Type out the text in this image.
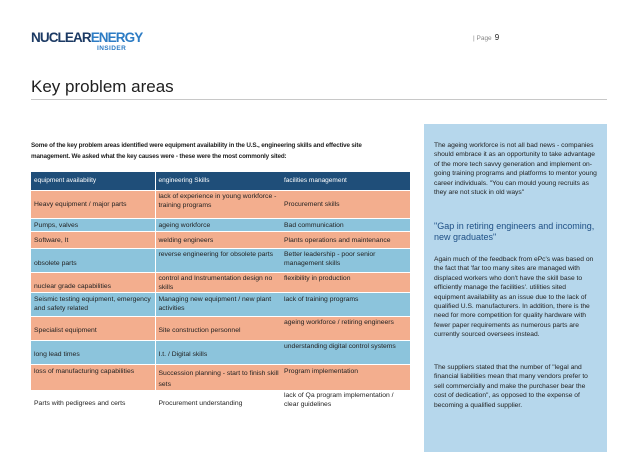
NUCLEARENERGY
INSIDER
| Page 9
Key problem areas
Some of the key problem areas identified were equipment availability in the U.S., engineering skills and effective site management. We asked what the key causes were - these were the most commonly sited:
equipment availability	engineering Skills	facilities management
Heavy equipment / major parts	lack of experience in young workforce - training programs	Procurement skills
Pumps, valves	ageing workforce	Bad communication
Software, It	welding engineers	Plants operations and maintenance
obsolete parts	reverse engineering for obsolete parts	Better leadership - poor senior management skills
nuclear grade capabilities	control and Instrumentation design no skills	flexibility in production
Seismic testing equipment, emergency and safety related	Managing new equipment / new plant activities	lack of training programs
Specialist equipment	Site construction personnel	ageing workforce / retiring engineers
long lead times	I.t. / Digital skills	understanding digital control systems
loss of manufacturing capabilities	Succession planning - start to finish skill sets	Program implementation
Parts with pedigrees and certs	Procurement understanding	lack of Qa program implementation / clear guidelines
The ageing workforce is not all bad news - companies should embrace it as an opportunity to take advantage of the more tech savvy generation and implement on-going training programs and platforms to mentor young career individuals. "You can mould young recruits as they are not stuck in old ways"
"Gap in retiring engineers and incoming, new graduates"
Again much of the feedback from ePc's was based on the fact that 'far too many sites are managed with displaced workers who don't have the skill base to efficiently manage the facilities'. utilities sited equipment availability as an issue due to the lack of qualified U.S. manufacturers. In addition, there is the need for more competition for quality hardware with fewer paper requirements as numerous parts are currently sourced oversees instead.
The suppliers stated that the number of "legal and financial liabilities mean that many vendors prefer to sell commercially and make the purchaser bear the cost of dedication", as opposed to the expense of becoming a qualified supplier.
